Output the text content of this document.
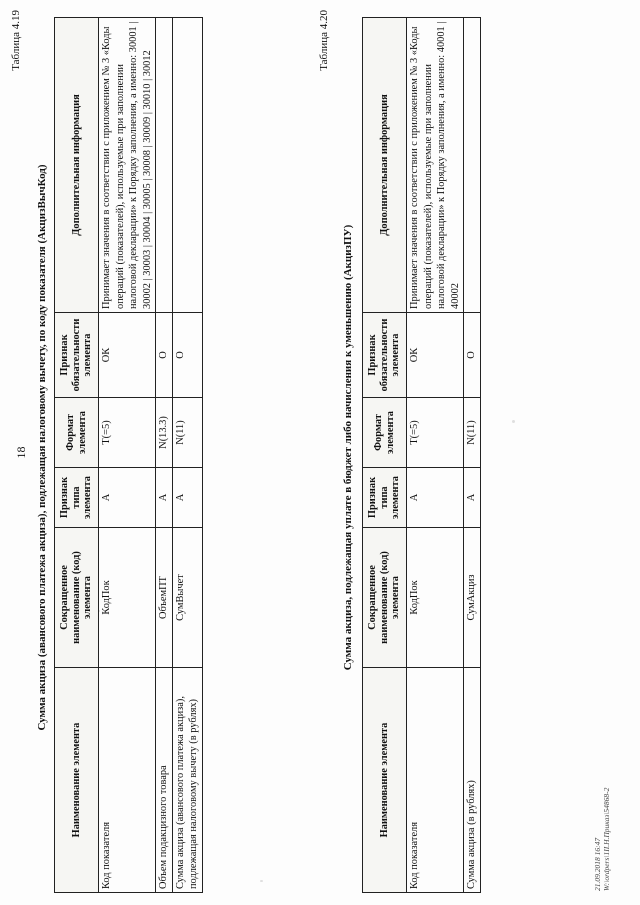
18
Таблица 4.19
Сумма акциза (авансового платежа акциза), подлежащая налоговому вычету, по коду показателя (АкцизВычКод)
Наименование элемента	Сокращенное наименование (код) элемента	Признак типа элемента	Формат элемента	Признак обязательности элемента	Дополнительная информация
Код показателя	КодПок	А	T(=5)	ОК	Принимает значения в соответствии с приложением № 3 «Коды операций (показателей), используемые при заполнении налоговой декларации» к Порядку заполнения, а именно: 30001 | 30002 | 30003 | 30004 | 30005 | 30008 | 30009 | 30010 | 30012
Объем подакцизного товара	ОбъемПТ	А	N(13.3)	О	
Сумма акциза (авансового платежа акциза), подлежащая налоговому вычету (в рублях)	СумВычет	А	N(11)	О	
Таблица 4.20
Сумма акциза, подлежащая уплате в бюджет либо начисления к уменьшению (АкцизПУ)
Наименование элемента	Сокращенное наименование (код) элемента	Признак типа элемента	Формат элемента	Признак обязательности элемента	Дополнительная информация
Код показателя	КодПок	А	T(=5)	ОК	Принимает значения в соответствии с приложением № 3 «Коды операций (показателей), используемые при заполнении налоговой декларации» к Порядку заполнения, а именно: 40001 | 40002
Сумма акциза (в рублях)	СумАкциз	А	N(11)	О	
21.09.2018 16:47 W:\ordpers\1II.H.Приказ\54868-2
